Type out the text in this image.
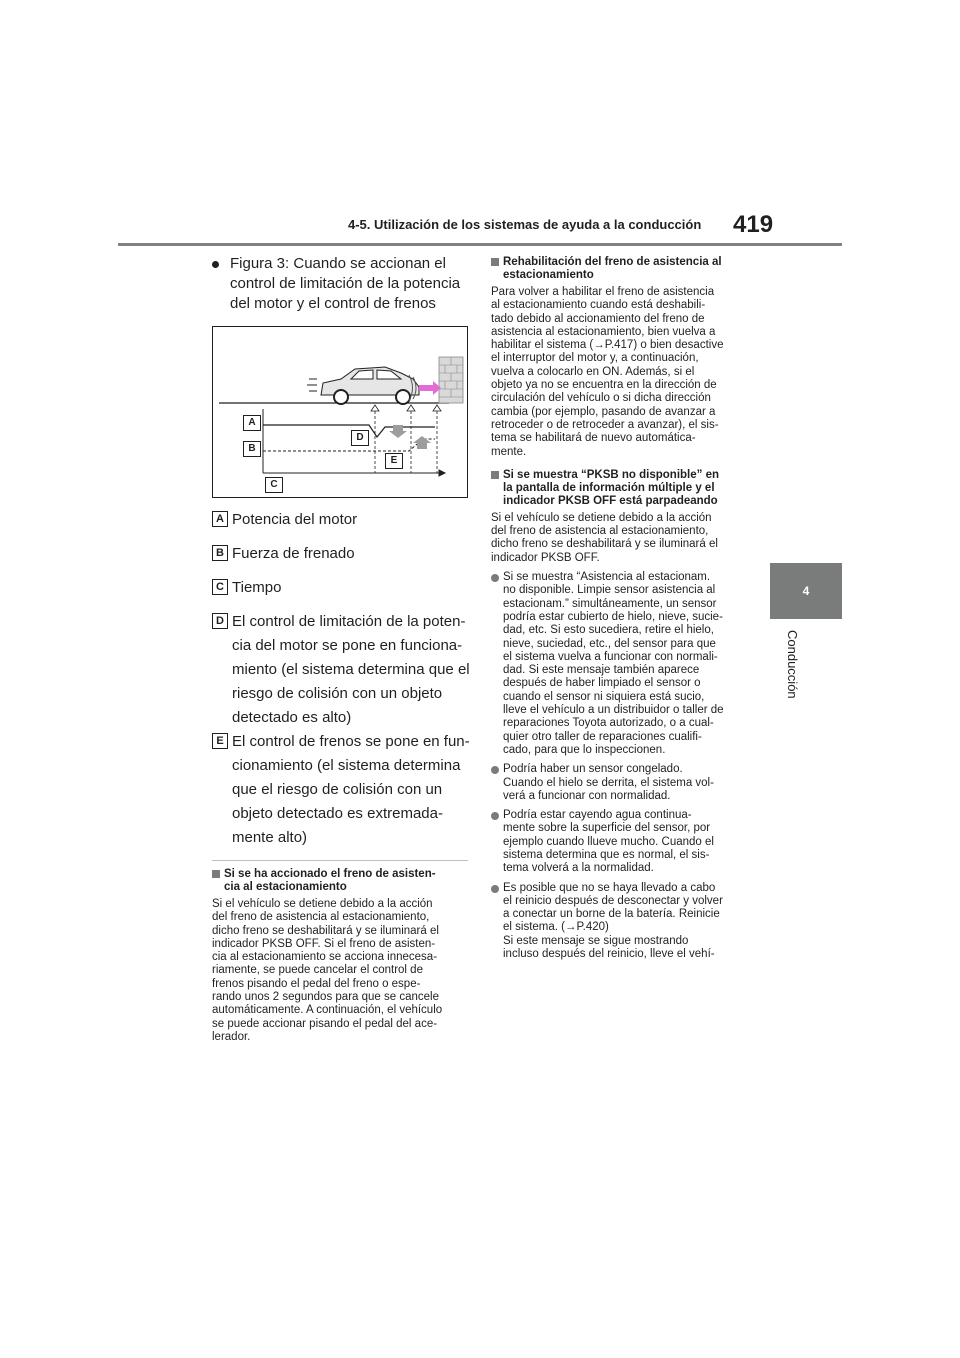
4-5. Utilización de los sistemas de ayuda a la conducción 419
4
Conducción
Figura 3: Cuando se accionan el
control de limitación de la potencia
del motor y el control de frenos
A
B
C
D
E
A Potencia del motor
B Fuerza de frenado
C Tiempo
D El control de limitación de la poten-
cia del motor se pone en funciona-
miento (el sistema determina que el
riesgo de colisión con un objeto
detectado es alto)
E El control de frenos se pone en fun-
cionamiento (el sistema determina
que el riesgo de colisión con un
objeto detectado es extremada-
mente alto)
Si se ha accionado el freno de asisten-
cia al estacionamiento

Si el vehículo se detiene debido a la acción
del freno de asistencia al estacionamiento,
dicho freno se deshabilitará y se iluminará el
indicador PKSB OFF. Si el freno de asisten-
cia al estacionamiento se acciona innecesa-
riamente, se puede cancelar el control de
frenos pisando el pedal del freno o espe-
rando unos 2 segundos para que se cancele
automáticamente. A continuación, el vehículo
se puede accionar pisando el pedal del ace-
lerador.

Rehabilitación del freno de asistencia al
estacionamiento

Para volver a habilitar el freno de asistencia
al estacionamiento cuando está deshabili-
tado debido al accionamiento del freno de
asistencia al estacionamiento, bien vuelva a
habilitar el sistema (→P.417) o bien desactive
el interruptor del motor y, a continuación,
vuelva a colocarlo en ON. Además, si el
objeto ya no se encuentra en la dirección de
circulación del vehículo o si dicha dirección
cambia (por ejemplo, pasando de avanzar a
retroceder o de retroceder a avanzar), el sis-
tema se habilitará de nuevo automática-
mente.

Si se muestra “PKSB no disponible” en
la pantalla de información múltiple y el
indicador PKSB OFF está parpadeando

Si el vehículo se detiene debido a la acción
del freno de asistencia al estacionamiento,
dicho freno se deshabilitará y se iluminará el
indicador PKSB OFF.

Si se muestra “Asistencia al estacionam.
no disponible. Limpie sensor asistencia al
estacionam.” simultáneamente, un sensor
podría estar cubierto de hielo, nieve, sucie-
dad, etc. Si esto sucediera, retire el hielo,
nieve, suciedad, etc., del sensor para que
el sistema vuelva a funcionar con normali-
dad. Si este mensaje también aparece
después de haber limpiado el sensor o
cuando el sensor ni siquiera está sucio,
lleve el vehículo a un distribuidor o taller de
reparaciones Toyota autorizado, o a cual-
quier otro taller de reparaciones cualifi-
cado, para que lo inspeccionen.
Podría haber un sensor congelado.
Cuando el hielo se derrita, el sistema vol-
verá a funcionar con normalidad.
Podría estar cayendo agua continua-
mente sobre la superficie del sensor, por
ejemplo cuando llueve mucho. Cuando el
sistema determina que es normal, el sis-
tema volverá a la normalidad.
Es posible que no se haya llevado a cabo
el reinicio después de desconectar y volver
a conectar un borne de la batería. Reinicie
el sistema. (→P.420)
Si este mensaje se sigue mostrando
incluso después del reinicio, lleve el vehí-
